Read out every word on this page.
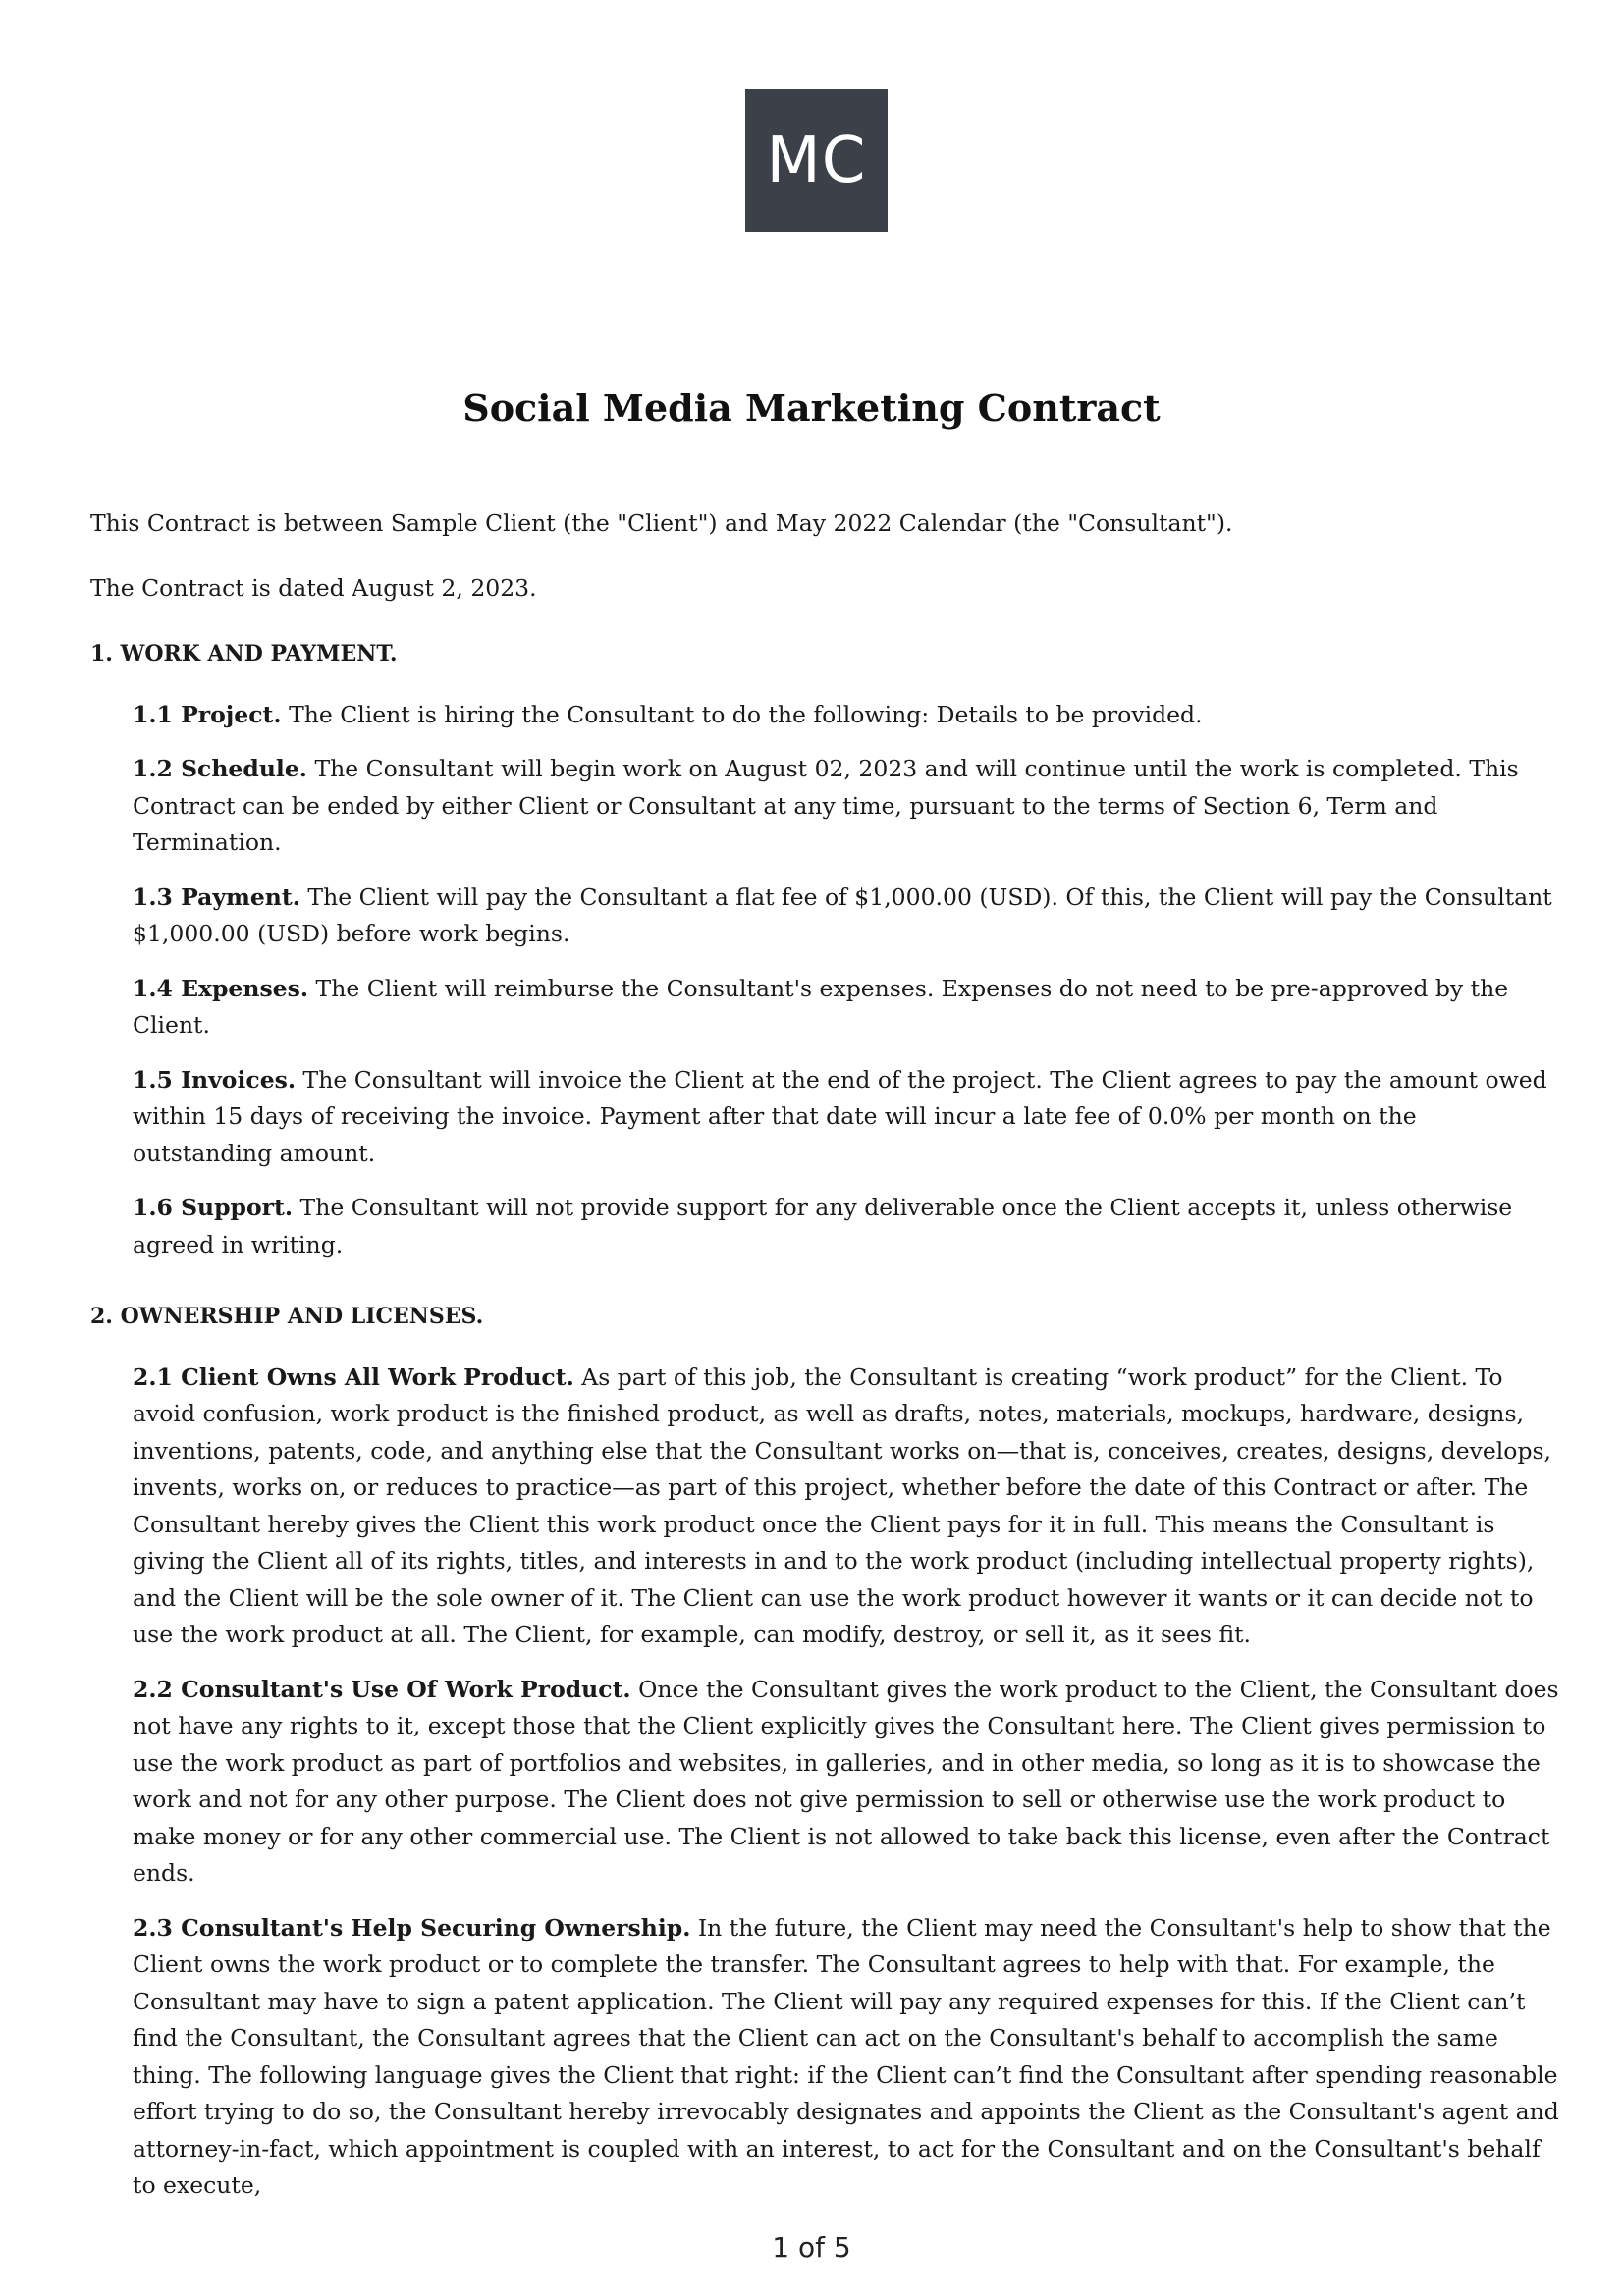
MC
Social Media Marketing Contract

This Contract is between Sample Client (the "Client") and May 2022 Calendar (the "Consultant").

The Contract is dated August 2, 2023.

1. WORK AND PAYMENT.

1.1 Project. The Client is hiring the Consultant to do the following: Details to be provided.

1.2 Schedule. The Consultant will begin work on August 02, 2023 and will continue until the work is completed. This Contract can be ended by either Client or Consultant at any time, pursuant to the terms of Section 6, Term and Termination.

1.3 Payment. The Client will pay the Consultant a flat fee of $1,000.00 (USD). Of this, the Client will pay the Consultant $1,000.00 (USD) before work begins.

1.4 Expenses. The Client will reimburse the Consultant's expenses. Expenses do not need to be pre-approved by the Client.

1.5 Invoices. The Consultant will invoice the Client at the end of the project. The Client agrees to pay the amount owed within 15 days of receiving the invoice. Payment after that date will incur a late fee of 0.0% per month on the outstanding amount.

1.6 Support. The Consultant will not provide support for any deliverable once the Client accepts it, unless otherwise agreed in writing.

2. OWNERSHIP AND LICENSES.

2.1 Client Owns All Work Product. As part of this job, the Consultant is creating “work product” for the Client. To avoid confusion, work product is the finished product, as well as drafts, notes, materials, mockups, hardware, designs, inventions, patents, code, and anything else that the Consultant works on—that is, conceives, creates, designs, develops, invents, works on, or reduces to practice—as part of this project, whether before the date of this Contract or after. The Consultant hereby gives the Client this work product once the Client pays for it in full. This means the Consultant is giving the Client all of its rights, titles, and interests in and to the work product (including intellectual property rights), and the Client will be the sole owner of it. The Client can use the work product however it wants or it can decide not to use the work product at all. The Client, for example, can modify, destroy, or sell it, as it sees fit.

2.2 Consultant's Use Of Work Product. Once the Consultant gives the work product to the Client, the Consultant does not have any rights to it, except those that the Client explicitly gives the Consultant here. The Client gives permission to use the work product as part of portfolios and websites, in galleries, and in other media, so long as it is to showcase the work and not for any other purpose. The Client does not give permission to sell or otherwise use the work product to make money or for any other commercial use. The Client is not allowed to take back this license, even after the Contract ends.

2.3 Consultant's Help Securing Ownership. In the future, the Client may need the Consultant's help to show that the Client owns the work product or to complete the transfer. The Consultant agrees to help with that. For example, the Consultant may have to sign a patent application. The Client will pay any required expenses for this. If the Client can’t find the Consultant, the Consultant agrees that the Client can act on the Consultant's behalf to accomplish the same thing. The following language gives the Client that right: if the Client can’t find the Consultant after spending reasonable effort trying to do so, the Consultant hereby irrevocably designates and appoints the Client as the Consultant's agent and attorney-in-fact, which appointment is coupled with an interest, to act for the Consultant and on the Consultant's behalf to execute,

1 of 5
